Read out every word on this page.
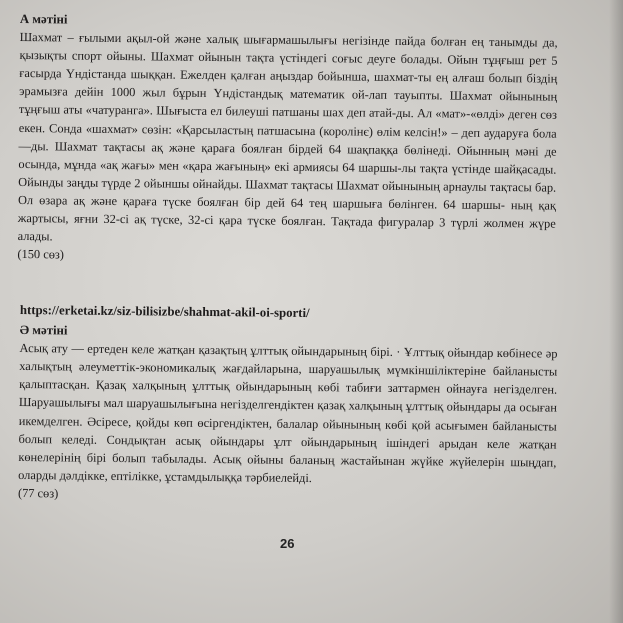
А мәтіні
Шахмат – ғылыми ақыл-ой және халық шығармашылығы негізінде пайда болған ең танымды да, қызықты спорт ойыны. Шахмат ойынын тақта үстіндегі соғыс деуге болады. Ойын тұңғыш рет 5 ғасырда Үндістанда шыққан. Ежелден қалған аңыздар бойынша, шахмат-ты ең алғаш болып біздің эрамызға дейін 1000 жыл бұрын Үндістандық математик ой-лап тауыпты. Шахмат ойынының тұңғыш аты «чатуранга». Шығыста ел билеуші патшаны шах деп атай-ды. Ал «мат»-«өлді» деген сөз екен. Сонда «шахмат» сөзін: «Қарсыластың патшасына (королінє) өлім келсін!» – деп аударуға бола—ды. Шахмат тақтасы ақ және қараға боялған бірдей 64 шақпаққа бөлінеді. Ойынның мәні де осында, мұнда «ақ жағы» мен «қара жағының» екі армиясы 64 шаршы-лы тақта үстінде шайқасады. Ойынды заңды түрде 2 ойыншы ойнайды. Шахмат тақтасы Шахмат ойынының арнаулы тақтасы бар. Ол өзара ақ және қараға түске боялған бір дей 64 тең шаршыға бөлінген. 64 шаршы- ның қақ жартысы, яғни 32-сі ақ түске, 32-сі қара түске боялған. Тақтада фигуралар 3 түрлі жолмен жүре алады.
(150 сөз)
https://erketai.kz/siz-bilisizbe/shahmat-akil-oi-sporti/
Ә мәтіні
Асық ату — ертеден келе жатқан қазақтың ұлттық ойындарының бірі. · Ұлттық ойындар көбінесе әр халықтың әлеуметтік-экономикалық жағдайларына, шаруашылық мүмкіншіліктеріне байланысты қалыптасқан. Қазақ халқының ұлттық ойындарының көбі табиғи заттармен ойнауға негізделген. Шаруашылығы мал шаруашылығына негізделгендіктен қазақ халқының ұлттық ойындары да осыған икемделген. Әсіресе, қойды көп өсіргендіктен, балалар ойынының көбі қой асығымен байланысты болып келеді. Сондықтан асық ойындары ұлт ойындарының ішіндегі арыдан келе жатқан көнелерінің бірі болып табылады. Асық ойыны баланың жастайынан жүйке жүйелерін шыңдап, оларды дәлдікке, ептілікке, ұстамдылыққа тәрбиелейді.
(77 сөз)
26
